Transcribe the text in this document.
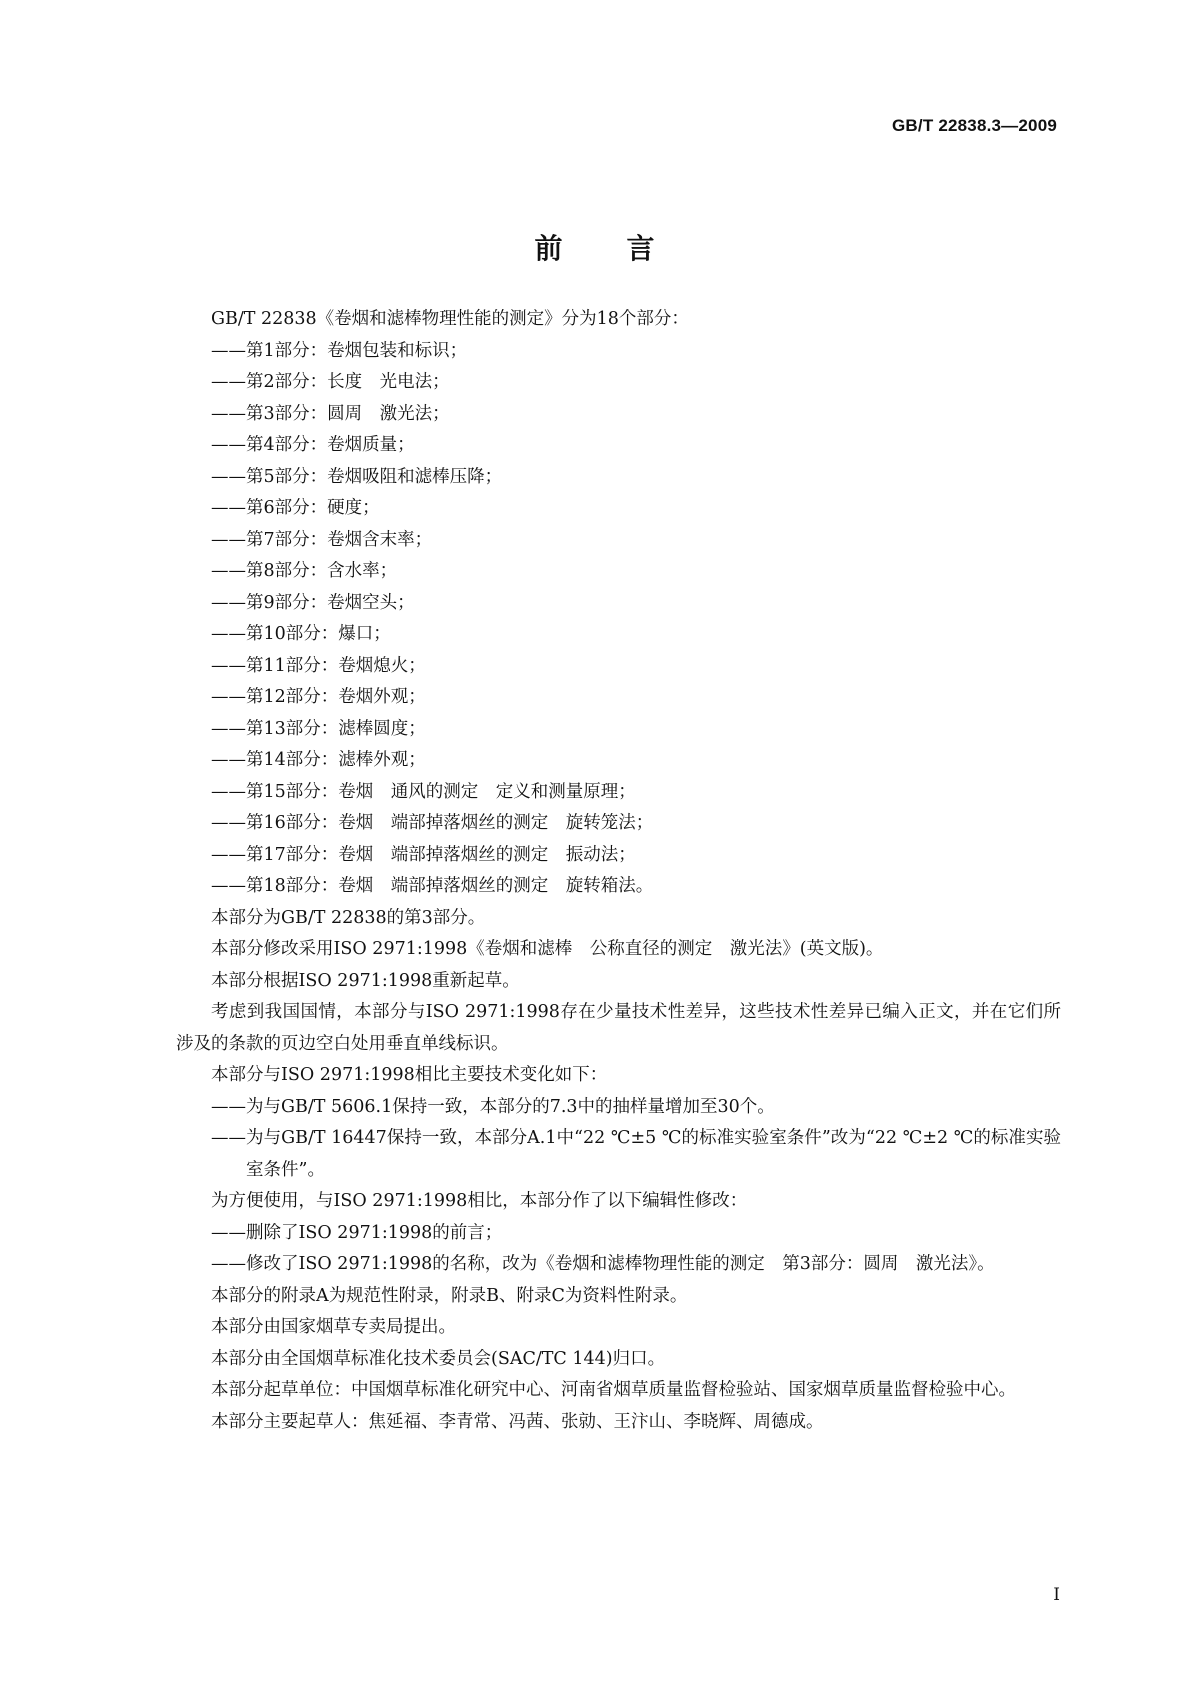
GB/T 22838.3—2009
前 言

GB/T 22838《卷烟和滤棒物理性能的测定》分为18个部分：

——第1部分：卷烟包装和标识；

——第2部分：长度　光电法；

——第3部分：圆周　激光法；

——第4部分：卷烟质量；

——第5部分：卷烟吸阻和滤棒压降；

——第6部分：硬度；

——第7部分：卷烟含末率；

——第8部分：含水率；

——第9部分：卷烟空头；

——第10部分：爆口；

——第11部分：卷烟熄火；

——第12部分：卷烟外观；

——第13部分：滤棒圆度；

——第14部分：滤棒外观；

——第15部分：卷烟　通风的测定　定义和测量原理；

——第16部分：卷烟　端部掉落烟丝的测定　旋转笼法；

——第17部分：卷烟　端部掉落烟丝的测定　振动法；

——第18部分：卷烟　端部掉落烟丝的测定　旋转箱法。

本部分为GB/T 22838的第3部分。

本部分修改采用ISO 2971:1998《卷烟和滤棒　公称直径的测定　激光法》(英文版)。

本部分根据ISO 2971:1998重新起草。

考虑到我国国情，本部分与ISO 2971:1998存在少量技术性差异，这些技术性差异已编入正文，并在它们所涉及的条款的页边空白处用垂直单线标识。

本部分与ISO 2971:1998相比主要技术变化如下：

——为与GB/T 5606.1保持一致，本部分的7.3中的抽样量增加至30个。

——为与GB/T 16447保持一致，本部分A.1中“22 ℃±5 ℃的标准实验室条件”改为“22 ℃±2 ℃的标准实验室条件”。

为方便使用，与ISO 2971:1998相比，本部分作了以下编辑性修改：

——删除了ISO 2971:1998的前言；

——修改了ISO 2971:1998的名称，改为《卷烟和滤棒物理性能的测定　第3部分：圆周　激光法》。

本部分的附录A为规范性附录，附录B、附录C为资料性附录。

本部分由国家烟草专卖局提出。

本部分由全国烟草标准化技术委员会(SAC/TC 144)归口。

本部分起草单位：中国烟草标准化研究中心、河南省烟草质量监督检验站、国家烟草质量监督检验中心。

本部分主要起草人：焦延福、李青常、冯茜、张勍、王汴山、李晓辉、周德成。

I
